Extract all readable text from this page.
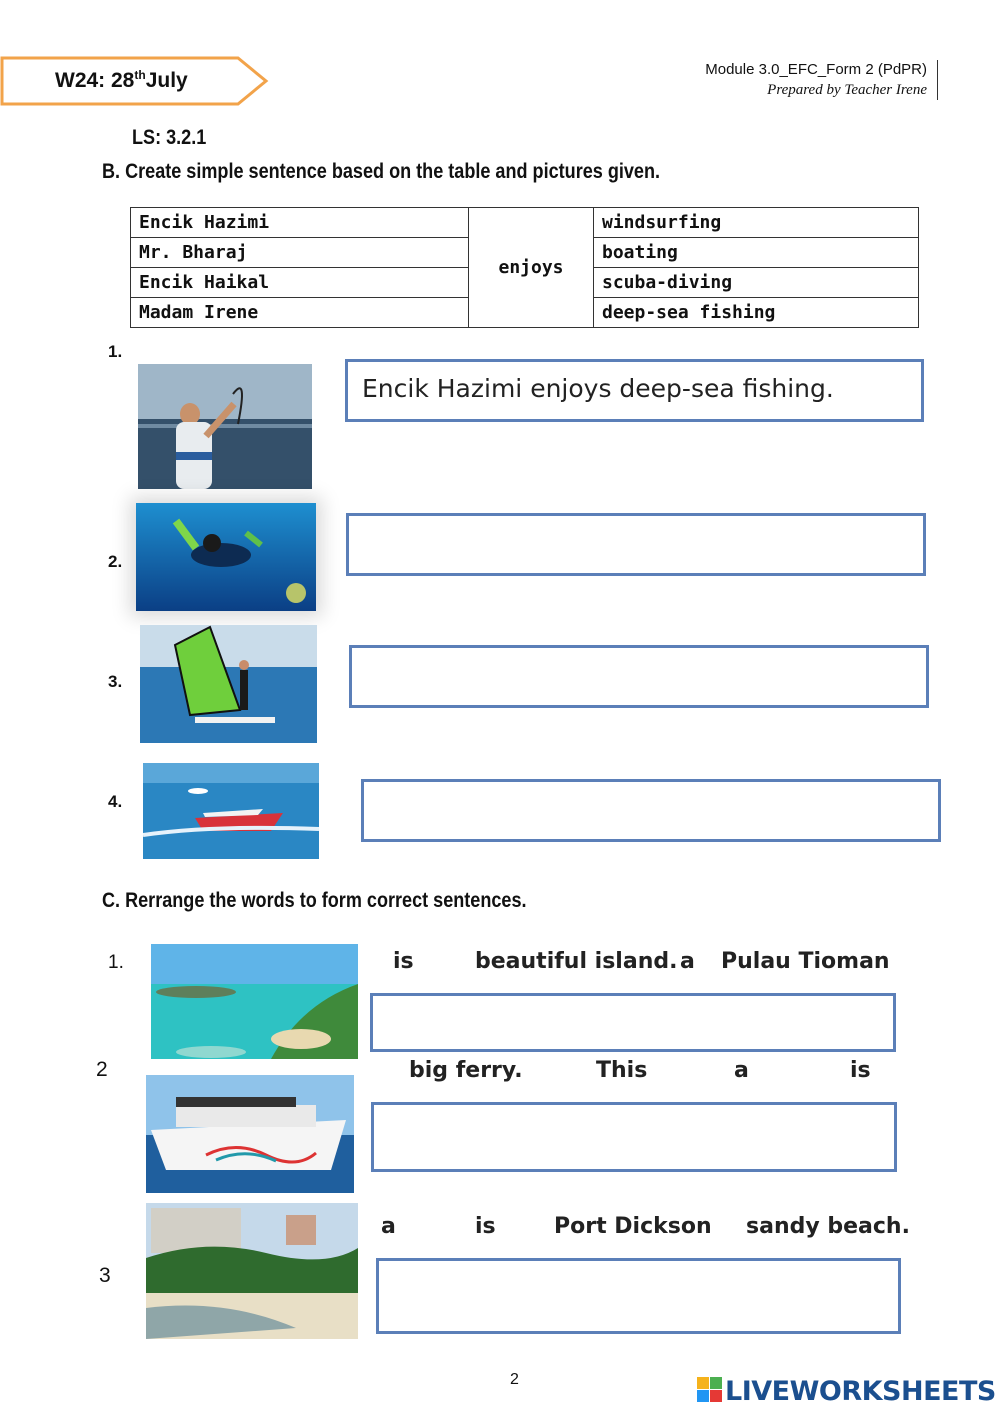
W24: 28thJuly	Module 3.0_EFC_Form 2 (PdPR)
Prepared by Teacher Irene
LS: 3.2.1
B. Create simple sentence based on the table and pictures given.
Encik Hazimi	enjoys	windsurfing
Mr. Bharaj		boating
Encik Haikal		scuba-diving
Madam Irene		deep-sea fishing
1.
Encik Hazimi enjoys deep-sea fishing.
2.
3.
4.
C. Rerrange the words to form correct sentences.
1.	is	beautiful island. a Pulau Tioman
2	big ferry.	This	a	is
3
a	is	Port Dickson sandy beach.
2	LIVEWORKSHEETS
